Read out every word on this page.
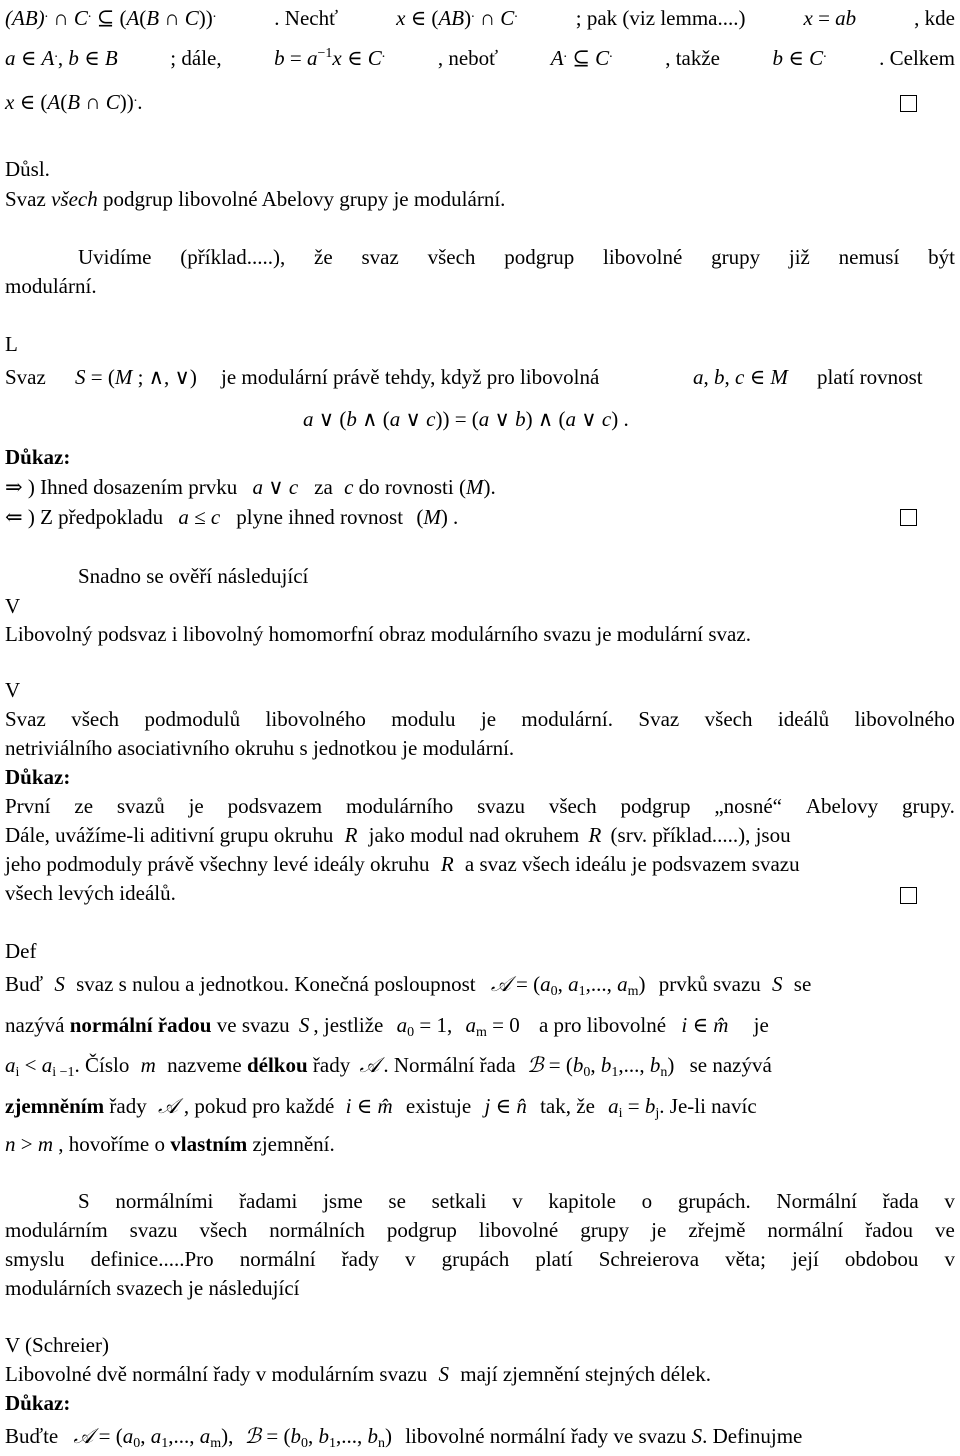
(AB). ∩ C. ⊆ (A(B ∩ C)).	. Nechť	x ∈ (AB). ∩ C.	; pak (viz lemma....)	x = ab	, kde
a ∈ A., b ∈ B	; dále,	$b = a^{-1}x$ ∈ C.	, neboť	A. ⊆ C.	, takže	b ∈ C.	. Celkem
x ∈ (A(B ∩ C))..
Důsl.
Svaz všech podgrup libovolné Abelovy grupy je modulární.
Uvidíme (příklad.....), že svaz všech podgrup libovolné grupy již nemusí být
modulární.
L
Svaz S = (M ; ∧, ∨) je modulární právě tehdy, když pro libovolná	a, b, c ∈ M platí rovnost
a ∨ (b ∧ (a ∨ c)) = (a ∨ b) ∧ (a ∨ c) .
Důkaz:
⇒ ) Ihned dosazením prvku a ∨ c za c do rovnosti (M).
⇐ ) Z předpokladu a ≤ c plyne ihned rovnost (M) .
Snadno se ověří následující
V
Libovolný podsvaz i libovolný homomorfní obraz modulárního svazu je modulární svaz.
V
Svaz všech podmodulů libovolného modulu je modulární. Svaz všech ideálů libovolného
netriviálního asociativního okruhu s jednotkou je modulární.
Důkaz:
První ze svazů je podsvazem modulárního svazu všech podgrup „nosné“ Abelovy grupy.
Dále, uvážíme-li aditivní grupu okruhu R jako modul nad okruhem R (srv. příklad.....), jsou
jeho podmoduly právě všechny levé ideály okruhu R a svaz všech ideálu je podsvazem svazu
všech levých ideálů.
Def
Buď S svaz s nulou a jednotkou. Konečná posloupnost 𝒜 = ($a_0$, $a_1$,..., $a_m$) prvků svazu S se
nazývá normální řadou ve svazu S , jestliže $a_0 = 1$, $a_m = 0$ a pro libovolné i ∈ m̂ je
$a_i < a_{i -1}$. Číslo m nazveme délkou řady 𝒜 . Normální řada ℬ = ($b_0$, $b_1$,..., $b_n$) se nazývá
zjemněním řady 𝒜 , pokud pro každé i ∈ m̂ existuje j ∈ n̂ tak, že $a_i = b_j$. Je-li navíc
n > m , hovoříme o vlastním zjemnění.
S normálními řadami jsme se setkali v kapitole o grupách. Normální řada v
modulárním svazu všech normálních podgrup libovolné grupy je zřejmě normální řadou ve
smyslu definice.....Pro normální řady v grupách platí Schreierova věta; její obdobou v
modulárních svazech je následující
V (Schreier)
Libovolné dvě normální řady v modulárním svazu S mají zjemnění stejných délek.
Důkaz:
Buďte 𝒜 = ($a_0$, $a_1$,..., $a_m$), ℬ = ($b_0$, $b_1$,..., $b_n$) libovolné normální řady ve svazu S. Definujme
